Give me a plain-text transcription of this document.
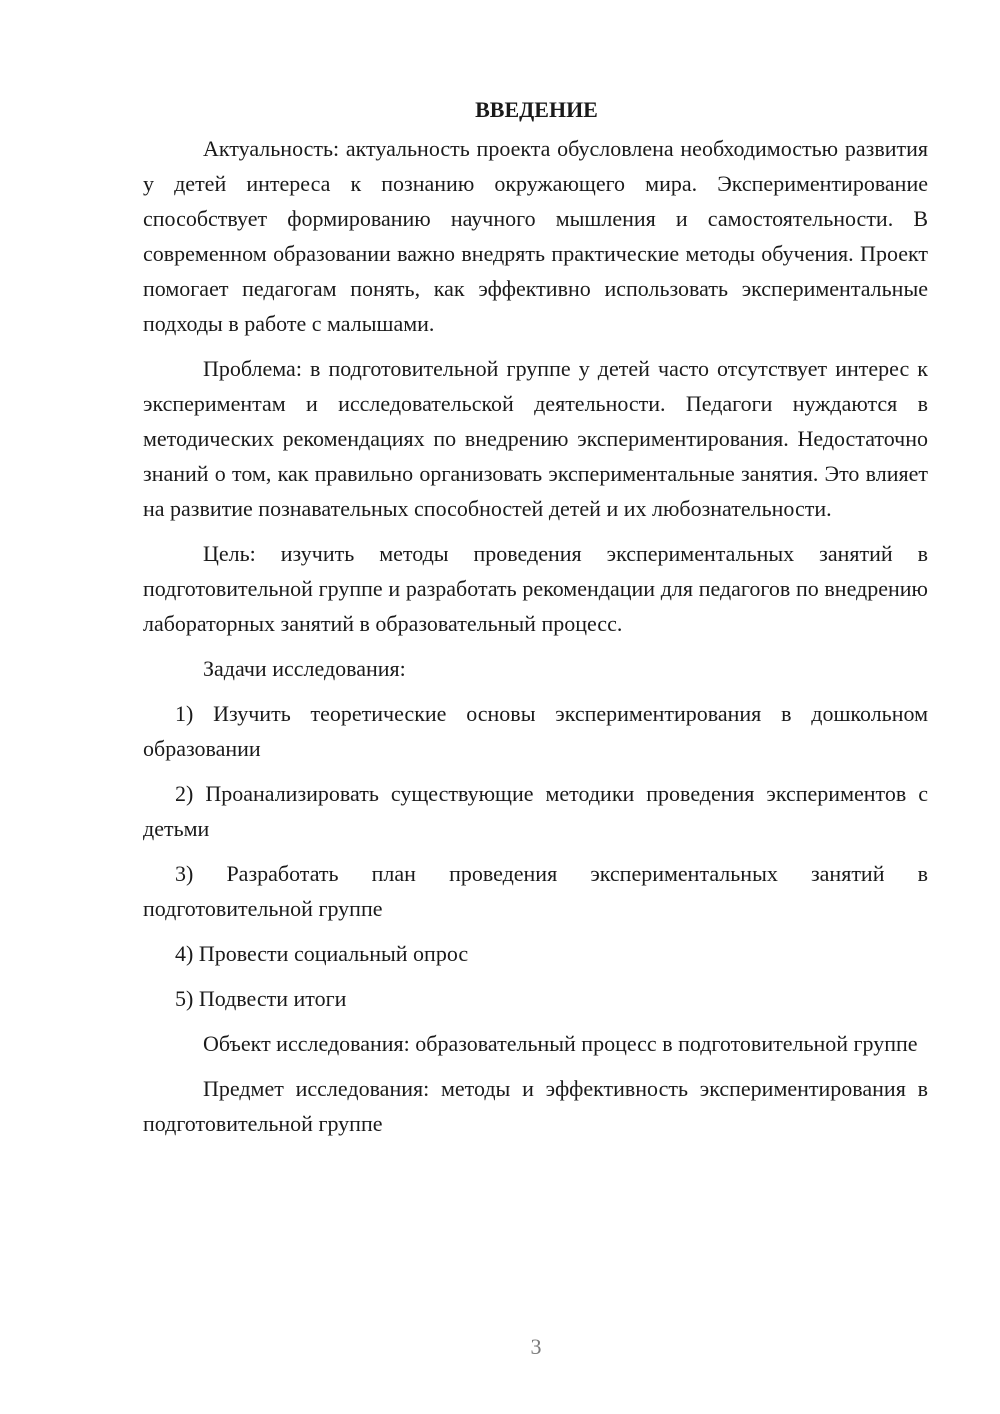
ВВЕДЕНИЕ

Актуальность: актуальность проекта обусловлена необходимостью развития у детей интереса к познанию окружающего мира. Экспериментирование способствует формированию научного мышления и самостоятельности. В современном образовании важно внедрять практические методы обучения. Проект помогает педагогам понять, как эффективно использовать экспериментальные подходы в работе с малышами.

Проблема: в подготовительной группе у детей часто отсутствует интерес к экспериментам и исследовательской деятельности. Педагоги нуждаются в методических рекомендациях по внедрению экспериментирования. Недостаточно знаний о том, как правильно организовать экспериментальные занятия. Это влияет на развитие познавательных способностей детей и их любознательности.

Цель: изучить методы проведения экспериментальных занятий в подготовительной группе и разработать рекомендации для педагогов по внедрению лабораторных занятий в образовательный процесс.

Задачи исследования:

1) Изучить теоретические основы экспериментирования в дошкольном образовании

2) Проанализировать существующие методики проведения экспериментов с детьми

3) Разработать план проведения экспериментальных занятий в подготовительной группе

4) Провести социальный опрос

5) Подвести итоги

Объект исследования: образовательный процесс в подготовительной группе

Предмет исследования: методы и эффективность экспериментирования в подготовительной группе

3
